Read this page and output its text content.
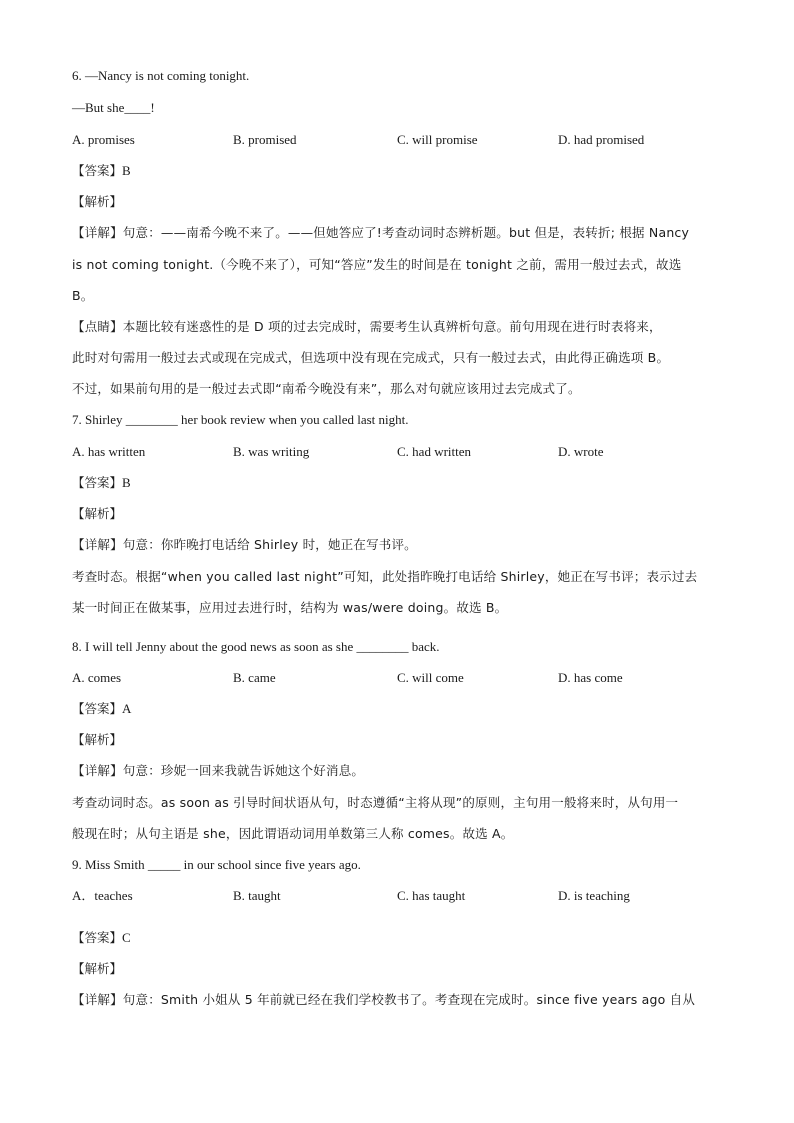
6. —Nancy is not coming tonight.
—But she____!
A. promises	B. promised	C. will promise	D. had promised
【答案】B
【解析】
【详解】句意：——南希今晚不来了。——但她答应了!考查动词时态辨析题。but 但是，表转折; 根据 Nancy
is not coming tonight.（今晚不来了），可知“答应”发生的时间是在 tonight 之前，需用一般过去式，故选
B。
【点睛】本题比较有迷惑性的是 D 项的过去完成时，需要考生认真辨析句意。前句用现在进行时表将来，
此时对句需用一般过去式或现在完成式，但选项中没有现在完成式，只有一般过去式，由此得正确选项 B。
不过，如果前句用的是一般过去式即“南希今晚没有来”，那么对句就应该用过去完成式了。
7. Shirley ________ her book review when you called last night.
A. has written	B. was writing	C. had written	D. wrote
【答案】B
【解析】
【详解】句意：你昨晚打电话给 Shirley 时，她正在写书评。
考查时态。根据“when you called last night”可知，此处指昨晚打电话给 Shirley，她正在写书评；表示过去
某一时间正在做某事，应用过去进行时，结构为 was/were doing。故选 B。
8. I will tell Jenny about the good news as soon as she ________ back.
A. comes	B. came	C. will come	D. has come
【答案】A
【解析】
【详解】句意：珍妮一回来我就告诉她这个好消息。
考查动词时态。as soon as 引导时间状语从句，时态遵循“主将从现”的原则，主句用一般将来时，从句用一
般现在时；从句主语是 she，因此谓语动词用单数第三人称 comes。故选 A。
9. Miss Smith _____ in our school since five years ago.
A．teaches	B. taught	C. has taught	D. is teaching
【答案】C
【解析】
【详解】句意：Smith 小姐从 5 年前就已经在我们学校教书了。考查现在完成时。since five years ago 自从
